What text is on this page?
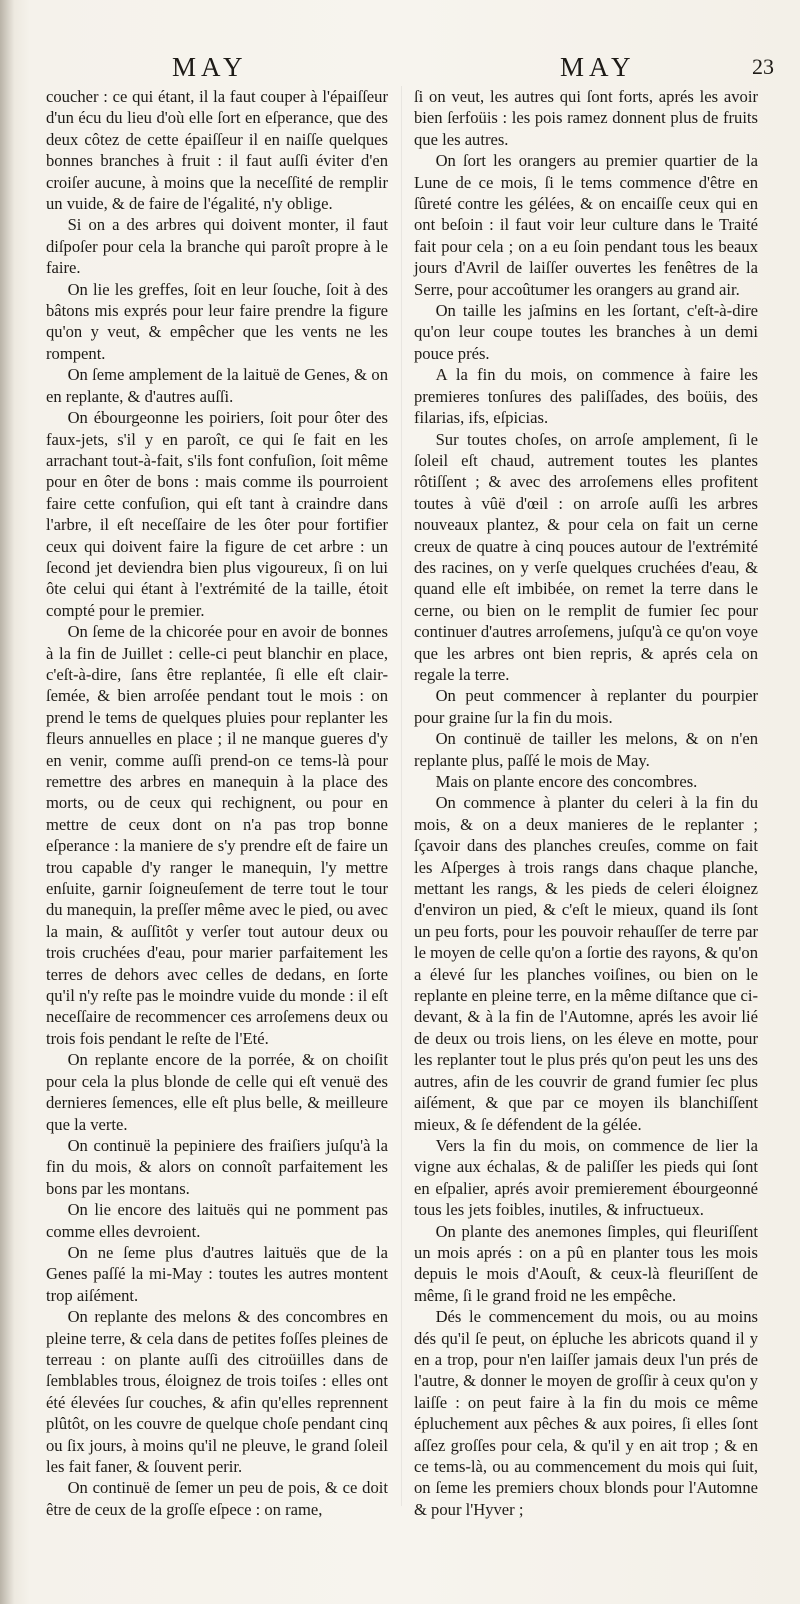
MAY	MAY	23

coucher : ce qui étant, il la faut couper à l'épaiſſeur d'un écu du lieu d'où elle ſort en eſperance, que des deux côtez de cette épaiſſeur il en naiſſe quelques bonnes branches à fruit : il faut auſſi éviter d'en croiſer aucune, à moins que la neceſſité de remplir un vuide, & de faire de l'égalité, n'y oblige.

Si on a des arbres qui doivent monter, il faut diſpoſer pour cela la branche qui paroît propre à le faire.

On lie les greffes, ſoit en leur ſouche, ſoit à des bâtons mis exprés pour leur faire prendre la figure qu'on y veut, & empêcher que les vents ne les rompent.

On ſeme amplement de la laituë de Genes, & on en replante, & d'autres auſſi.

On ébourgeonne les poiriers, ſoit pour ôter des faux-jets, s'il y en paroît, ce qui ſe fait en les arrachant tout-à-fait, s'ils font confuſion, ſoit même pour en ôter de bons : mais comme ils pourroient faire cette confuſion, qui eſt tant à craindre dans l'arbre, il eſt neceſſaire de les ôter pour fortifier ceux qui doivent faire la figure de cet arbre : un ſecond jet deviendra bien plus vigoureux, ſi on lui ôte celui qui étant à l'extrémité de la taille, étoit compté pour le premier.

On ſeme de la chicorée pour en avoir de bonnes à la fin de Juillet : celle-ci peut blanchir en place, c'eſt-à-dire, ſans être replantée, ſi elle eſt clair-ſemée, & bien arroſée pendant tout le mois : on prend le tems de quelques pluies pour replanter les fleurs annuelles en place ; il ne manque gueres d'y en venir, comme auſſi prend-on ce tems-là pour remettre des arbres en manequin à la place des morts, ou de ceux qui rechignent, ou pour en mettre de ceux dont on n'a pas trop bonne eſperance : la maniere de s'y prendre eſt de faire un trou capable d'y ranger le manequin, l'y mettre enſuite, garnir ſoigneuſement de terre tout le tour du manequin, la preſſer même avec le pied, ou avec la main, & auſſitôt y verſer tout autour deux ou trois cruchées d'eau, pour marier parfaitement les terres de dehors avec celles de dedans, en ſorte qu'il n'y reſte pas le moindre vuide du monde : il eſt neceſſaire de recommencer ces arroſemens deux ou trois fois pendant le reſte de l'Eté.

On replante encore de la porrée, & on choiſit pour cela la plus blonde de celle qui eſt venuë des dernieres ſemences, elle eſt plus belle, & meilleure que la verte.

On continuë la pepiniere des fraiſiers juſqu'à la fin du mois, & alors on connoît parfaitement les bons par les montans.

On lie encore des laituës qui ne pomment pas comme elles devroient.

On ne ſeme plus d'autres laituës que de la Genes paſſé la mi-May : toutes les autres montent trop aiſément.

On replante des melons & des concombres en pleine terre, & cela dans de petites foſſes pleines de terreau : on plante auſſi des citroüilles dans de ſemblables trous, éloignez de trois toiſes : elles ont été élevées ſur couches, & afin qu'elles reprennent plûtôt, on les couvre de quelque choſe pendant cinq ou ſix jours, à moins qu'il ne pleuve, le grand ſoleil les fait faner, & ſouvent perir.

On continuë de ſemer un peu de pois, & ce doit être de ceux de la groſſe eſpece : on rame,

ſi on veut, les autres qui ſont forts, aprés les avoir bien ſerfoüis : les pois ramez donnent plus de fruits que les autres.

On ſort les orangers au premier quartier de la Lune de ce mois, ſi le tems commence d'être en ſûreté contre les gélées, & on encaiſſe ceux qui en ont beſoin : il faut voir leur culture dans le Traité fait pour cela ; on a eu ſoin pendant tous les beaux jours d'Avril de laiſſer ouvertes les fenêtres de la Serre, pour accoûtumer les orangers au grand air.

On taille les jaſmins en les ſortant, c'eſt-à-dire qu'on leur coupe toutes les branches à un demi pouce prés.

A la fin du mois, on commence à faire les premieres tonſures des paliſſades, des boüis, des filarias, ifs, eſpicias.

Sur toutes choſes, on arroſe amplement, ſi le ſoleil eſt chaud, autrement toutes les plantes rôtiſſent ; & avec des arroſemens elles profitent toutes à vûë d'œil : on arroſe auſſi les arbres nouveaux plantez, & pour cela on fait un cerne creux de quatre à cinq pouces autour de l'extrémité des racines, on y verſe quelques cruchées d'eau, & quand elle eſt imbibée, on remet la terre dans le cerne, ou bien on le remplit de fumier ſec pour continuer d'autres arroſemens, juſqu'à ce qu'on voye que les arbres ont bien repris, & aprés cela on regale la terre.

On peut commencer à replanter du pourpier pour graine ſur la fin du mois.

On continuë de tailler les melons, & on n'en replante plus, paſſé le mois de May.

Mais on plante encore des concombres.

On commence à planter du celeri à la fin du mois, & on a deux manieres de le replanter ; ſçavoir dans des planches creuſes, comme on fait les Aſperges à trois rangs dans chaque planche, mettant les rangs, & les pieds de celeri éloignez d'environ un pied, & c'eſt le mieux, quand ils ſont un peu forts, pour les pouvoir rehauſſer de terre par le moyen de celle qu'on a ſortie des rayons, & qu'on a élevé ſur les planches voiſines, ou bien on le replante en pleine terre, en la même diſtance que ci-devant, & à la fin de l'Automne, aprés les avoir lié de deux ou trois liens, on les éleve en motte, pour les replanter tout le plus prés qu'on peut les uns des autres, afin de les couvrir de grand fumier ſec plus aiſément, & que par ce moyen ils blanchiſſent mieux, & ſe défendent de la gélée.

Vers la fin du mois, on commence de lier la vigne aux échalas, & de paliſſer les pieds qui ſont en eſpalier, aprés avoir premierement ébourgeonné tous les jets foibles, inutiles, & infructueux.

On plante des anemones ſimples, qui fleuriſſent un mois aprés : on a pû en planter tous les mois depuis le mois d'Aouſt, & ceux-là fleuriſſent de même, ſi le grand froid ne les empêche.

Dés le commencement du mois, ou au moins dés qu'il ſe peut, on épluche les abricots quand il y en a trop, pour n'en laiſſer jamais deux l'un prés de l'autre, & donner le moyen de groſſir à ceux qu'on y laiſſe : on peut faire à la fin du mois ce même épluchement aux pêches & aux poires, ſi elles ſont aſſez groſſes pour cela, & qu'il y en ait trop ; & en ce tems-là, ou au commencement du mois qui ſuit, on ſeme les premiers choux blonds pour l'Automne & pour l'Hyver ;
